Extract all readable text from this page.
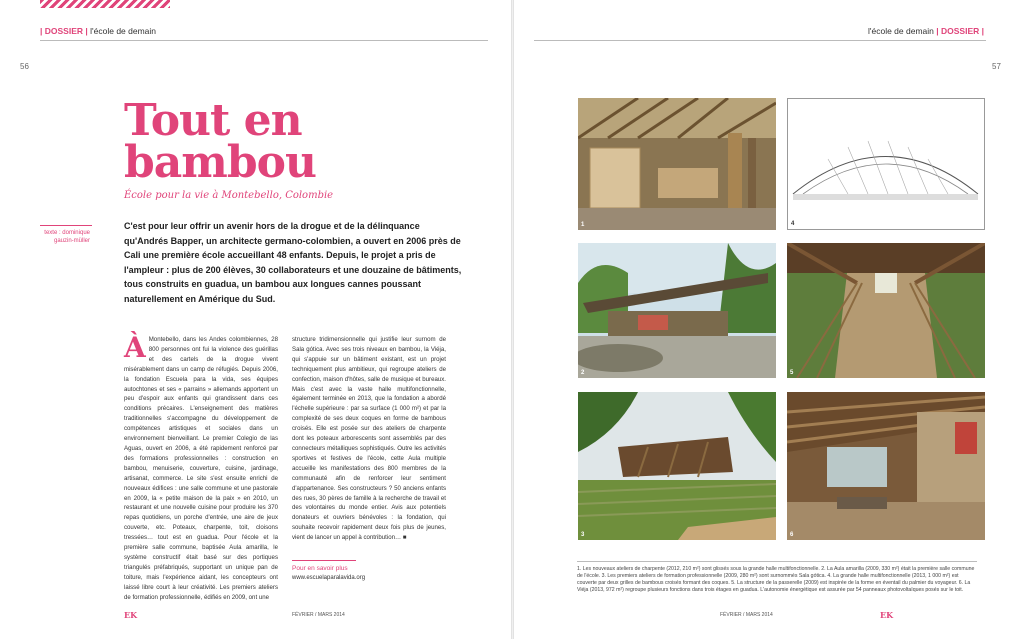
| DOSSIER | l'école de demain
56
Tout en
bambou
École pour la vie à Montebello, Colombie
texte : dominique gauzin-müller
C'est pour leur offrir un avenir hors de la drogue et de la délinquance qu'Andrés Bapper, un architecte germano-colombien, a ouvert en 2006 près de Cali une première école accueillant 48 enfants. Depuis, le projet a pris de l'ampleur : plus de 200 élèves, 30 collaborateurs et une douzaine de bâtiments, tous construits en guadua, un bambou aux longues cannes poussant naturellement en Amérique du Sud.
À Montebello, dans les Andes colombiennes, 28 800 personnes ont fui la violence des guérillas et des cartels de la drogue vivent misérablement dans un camp de réfugiés. Depuis 2006, la fondation Escuela para la vida, ses équipes autochtones et ses « parrains » allemands apportent un peu d'espoir aux enfants qui grandissent dans ces conditions précaires. L'enseignement des matières traditionnelles s'accompagne du développement de compétences artistiques et sociales dans un environnement bienveillant. Le premier Colegio de las Aguas, ouvert en 2006, a été rapidement renforcé par des formations professionnelles : construction en bambou, menuiserie, couverture, cuisine, jardinage, artisanat, commerce. Le site s'est ensuite enrichi de nouveaux édifices : une salle commune et une pastorale en 2009, la « petite maison de la paix » en 2010, un restaurant et une nouvelle cuisine pour produire les 370 repas quotidiens, un porche d'entrée, une aire de jeux couverte, etc. Poteaux, charpente, toit, cloisons tressées… tout est en guadua. Pour l'école et la première salle commune, baptisée Aula amarilla, le système constructif était basé sur des portiques triangulés préfabriqués, supportant un unique pan de toiture, mais l'expérience aidant, les concepteurs ont laissé libre court à leur créativité. Les premiers ateliers de formation professionnelle, édifiés en 2009, ont une
structure tridimensionnelle qui justifie leur surnom de Sala gótica. Avec ses trois niveaux en bambou, la Viéja, qui s'appuie sur un bâtiment existant, est un projet techniquement plus ambitieux, qui regroupe ateliers de confection, maison d'hôtes, salle de musique et bureaux. Mais c'est avec la vaste halle multifonctionnelle, également terminée en 2013, que la fondation a abordé l'échelle supérieure : par sa surface (1 000 m²) et par la complexité de ses deux coques en forme de bambous croisés. Elle est posée sur des ateliers de charpente dont les poteaux arborescents sont assemblés par des connecteurs métalliques sophistiqués. Outre les activités sportives et festives de l'école, cette Aula multiple accueille les manifestations des 800 membres de la communauté afin de renforcer leur sentiment d'appartenance. Ses constructeurs ? 50 anciens enfants des rues, 30 pères de famille à la recherche de travail et des volontaires du monde entier. Avis aux potentiels donateurs et ouvriers bénévoles : la fondation, qui souhaite recevoir rapidement deux fois plus de jeunes, vient de lancer un appel à contribution… ■
Pour en savoir plus
www.escuelaparalavida.org
EK	FÉVRIER / MARS 2014
l'école de demain | DOSSIER |
57
1	4
2	5
3	6
1. Les nouveaux ateliers de charpente (2012, 210 m²) sont glissés sous la grande halle multifonctionnelle. 2. La Aula amarilla (2009, 330 m²) était la première salle commune de l'école. 3. Les premiers ateliers de formation professionnelle (2009, 280 m²) sont surnommés Sala gótica. 4. La grande halle multifonctionnelle (2013, 1 000 m²) est couverte par deux grilles de bambous croisés formant des coques. 5. La structure de la passerelle (2009) est inspirée de la forme en éventail du palmier du voyageur. 6. La Viéja (2013, 972 m²) regroupe plusieurs fonctions dans trois étages en guadua. L'autonomie énergétique est assurée par 54 panneaux photovoltaïques posés sur le toit.
FÉVRIER / MARS 2014	EK
